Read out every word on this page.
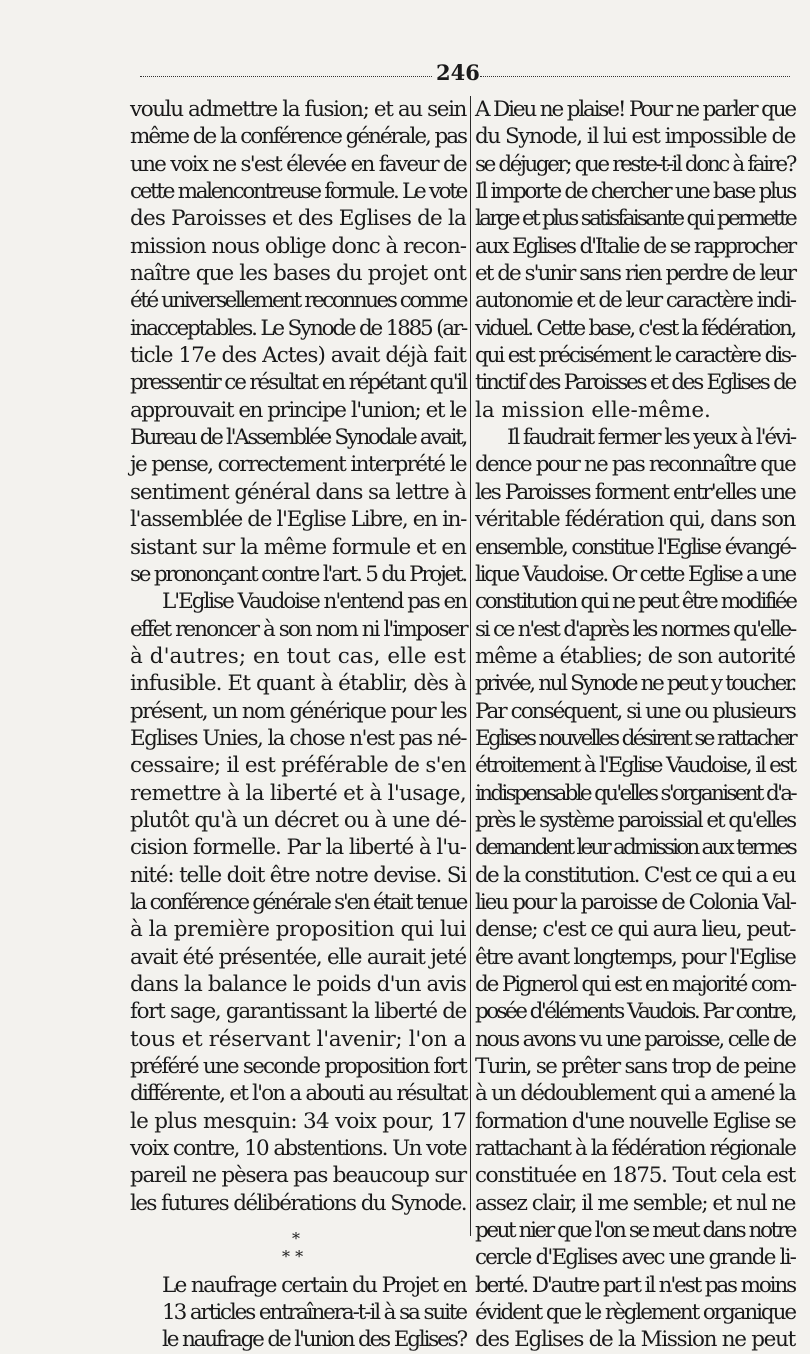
246
voulu admettre la fusion; et au sein
même de la conférence générale, pas
une voix ne s'est élevée en faveur de
cette malencontreuse formule. Le vote
des Paroisses et des Eglises de la
mission nous oblige donc à recon-
naître que les bases du projet ont
été universellement reconnues comme
inacceptables. Le Synode de 1885 (ar-
ticle 17e des Actes) avait déjà fait
pressentir ce résultat en répétant qu'il
approuvait en principe l'union; et le
Bureau de l'Assemblée Synodale avait,
je pense, correctement interprété le
sentiment général dans sa lettre à
l'assemblée de l'Eglise Libre, en in-
sistant sur la même formule et en
se prononçant contre l'art. 5 du Projet.
L'Eglise Vaudoise n'entend pas en
effet renoncer à son nom ni l'imposer
à d'autres; en tout cas, elle est
infusible. Et quant à établir, dès à
présent, un nom générique pour les
Eglises Unies, la chose n'est pas né-
cessaire; il est préférable de s'en
remettre à la liberté et à l'usage,
plutôt qu'à un décret ou à une dé-
cision formelle. Par la liberté à l'u-
nité: telle doit être notre devise. Si
la conférence générale s'en était tenue
à la première proposition qui lui
avait été présentée, elle aurait jeté
dans la balance le poids d'un avis
fort sage, garantissant la liberté de
tous et réservant l'avenir; l'on a
préféré une seconde proposition fort
différente, et l'on a abouti au résultat
le plus mesquin: 34 voix pour, 17
voix contre, 10 abstentions. Un vote
pareil ne pèsera pas beaucoup sur
les futures délibérations du Synode.
*
* *
Le naufrage certain du Projet en
13 articles entraînera-t-il à sa suite
le naufrage de l'union des Eglises?
A Dieu ne plaise! Pour ne parler que
du Synode, il lui est impossible de
se déjuger; que reste-t-il donc à faire?
Il importe de chercher une base plus
large et plus satisfaisante qui permette
aux Eglises d'Italie de se rapprocher
et de s'unir sans rien perdre de leur
autonomie et de leur caractère indi-
viduel. Cette base, c'est la fédération,
qui est précisément le caractère dis-
tinctif des Paroisses et des Eglises de
la mission elle-même.
Il faudrait fermer les yeux à l'évi-
dence pour ne pas reconnaître que
les Paroisses forment entr'elles une
véritable fédération qui, dans son
ensemble, constitue l'Eglise évangé-
lique Vaudoise. Or cette Eglise a une
constitution qui ne peut être modifiée
si ce n'est d'après les normes qu'elle-
même a établies; de son autorité
privée, nul Synode ne peut y toucher.
Par conséquent, si une ou plusieurs
Eglises nouvelles désirent se rattacher
étroitement à l'Eglise Vaudoise, il est
indispensable qu'elles s'organisent d'a-
près le système paroissial et qu'elles
demandent leur admission aux termes
de la constitution. C'est ce qui a eu
lieu pour la paroisse de Colonia Val-
dense; c'est ce qui aura lieu, peut-
être avant longtemps, pour l'Eglise
de Pignerol qui est en majorité com-
posée d'éléments Vaudois. Par contre,
nous avons vu une paroisse, celle de
Turin, se prêter sans trop de peine
à un dédoublement qui a amené la
formation d'une nouvelle Eglise se
rattachant à la fédération régionale
constituée en 1875. Tout cela est
assez clair, il me semble; et nul ne
peut nier que l'on se meut dans notre
cercle d'Eglises avec une grande li-
berté. D'autre part il n'est pas moins
évident que le règlement organique
des Eglises de la Mission ne peut
